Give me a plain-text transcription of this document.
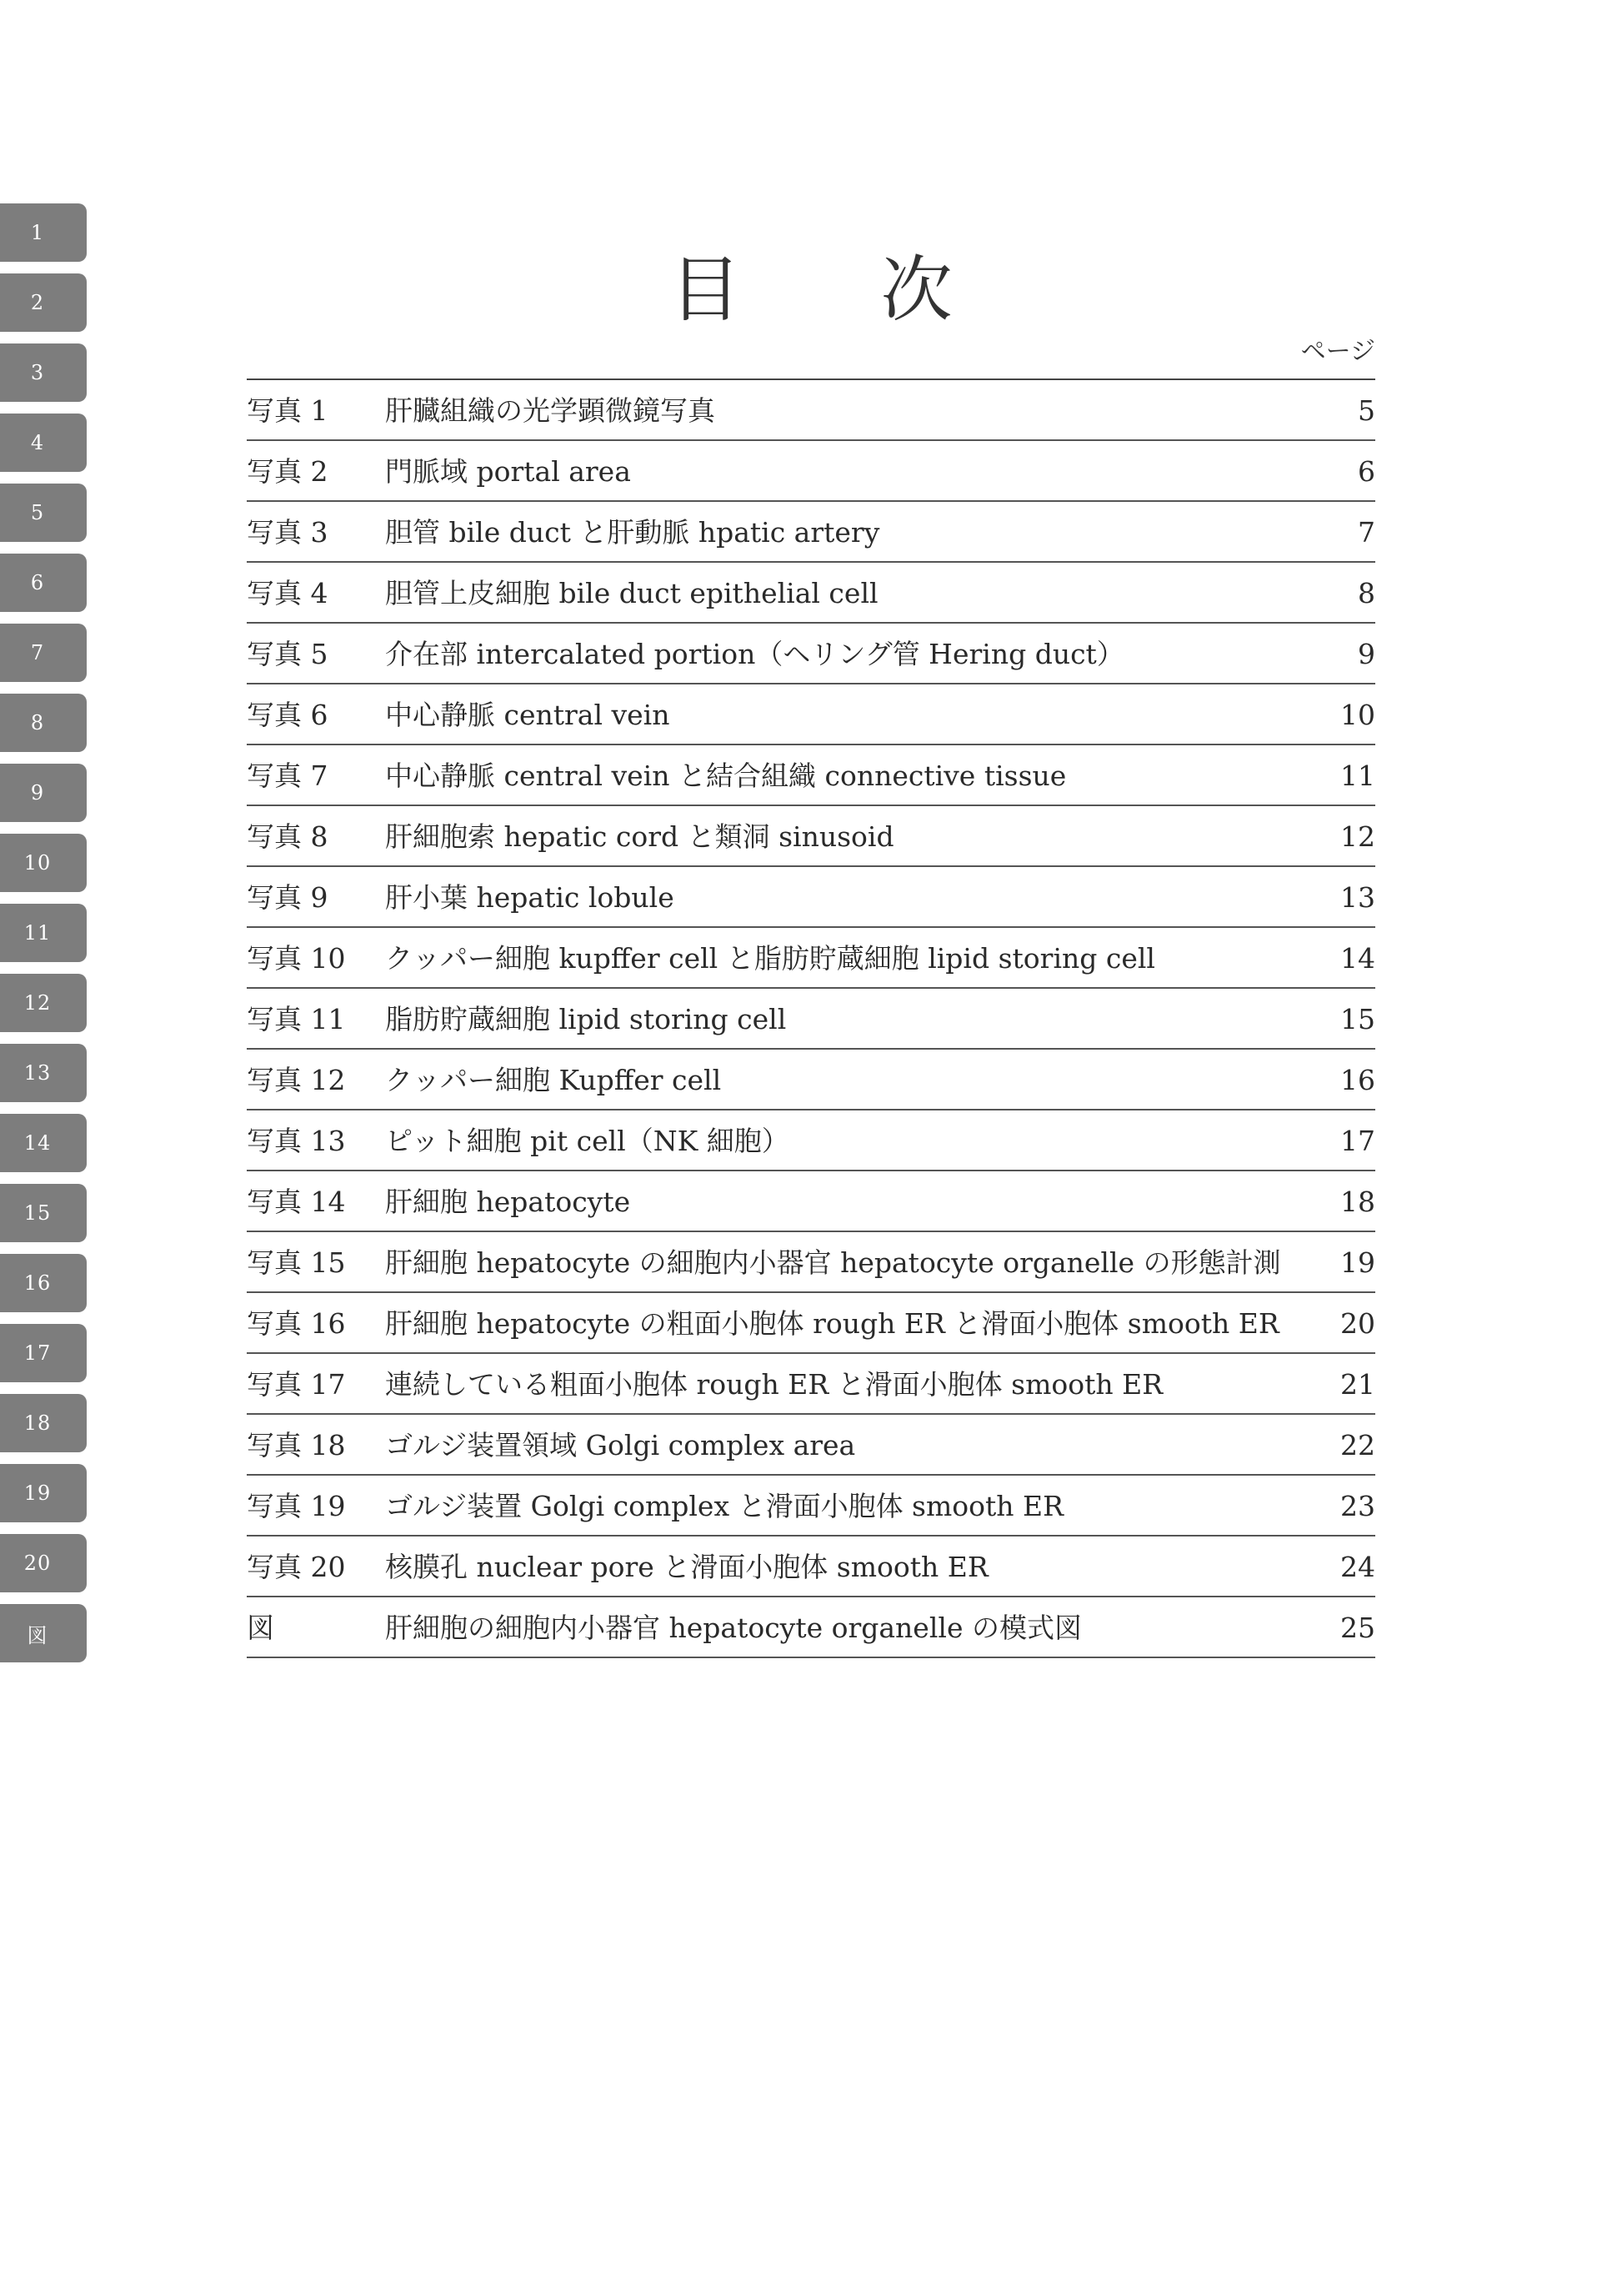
1
2
3
4
5
6
7
8
9
10
11
12
13
14
15
16
17
18
19
20
図
目 次
ページ
写真 1 肝臓組織の光学顕微鏡写真	5
写真 2 門脈域 portal area	6
写真 3 胆管 bile duct と肝動脈 hpatic artery	7
写真 4 胆管上皮細胞 bile duct epithelial cell	8
写真 5 介在部 intercalated portion（ヘリング管 Hering duct）	9
写真 6 中心静脈 central vein	10
写真 7 中心静脈 central vein と結合組織 connective tissue	11
写真 8 肝細胞索 hepatic cord と類洞 sinusoid	12
写真 9 肝小葉 hepatic lobule	13
写真 10 クッパー細胞 kupffer cell と脂肪貯蔵細胞 lipid storing cell	14
写真 11 脂肪貯蔵細胞 lipid storing cell	15
写真 12 クッパー細胞 Kupffer cell	16
写真 13 ピット細胞 pit cell（NK 細胞）	17
写真 14 肝細胞 hepatocyte	18
写真 15 肝細胞 hepatocyte の細胞内小器官 hepatocyte organelle の形態計測 19
写真 16 肝細胞 hepatocyte の粗面小胞体 rough ER と滑面小胞体 smooth ER 20
写真 17 連続している粗面小胞体 rough ER と滑面小胞体 smooth ER	21
写真 18 ゴルジ装置領域 Golgi complex area	22
写真 19 ゴルジ装置 Golgi complex と滑面小胞体 smooth ER	23
写真 20 核膜孔 nuclear pore と滑面小胞体 smooth ER	24
図	肝細胞の細胞内小器官 hepatocyte organelle の模式図	25
